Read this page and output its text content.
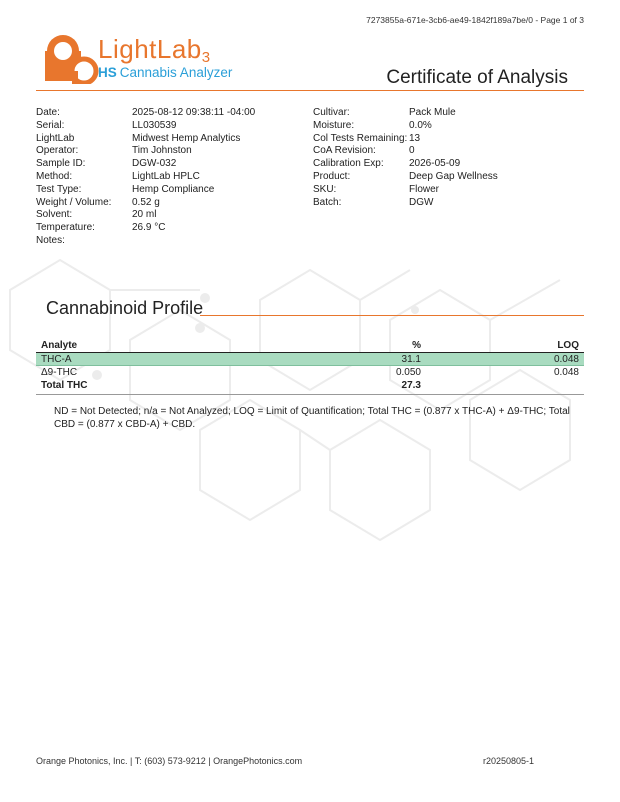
7273855a-671e-3cb6-ae49-1842f189a7be/0 - Page 1 of 3
LightLab$_3$
HS Cannabis Analyzer	Certificate of Analysis
Date:	2025-08-12 09:38:11 -04:00
Serial:	LL030539
LightLab	Midwest Hemp Analytics
Operator:	Tim Johnston
Sample ID:	DGW-032
Method:	LightLab HPLC
Test Type:	Hemp Compliance
Weight / Volume:	0.52 g
Solvent:	20 ml
Temperature:	26.9 °C
Notes:
Cultivar:	Pack Mule
Moisture:	0.0%
Col Tests Remaining: 13
CoA Revision:	0
Calibration Exp:	2026-05-09
Product:	Deep Gap Wellness
SKU:	Flower
Batch:	DGW
Cannabinoid Profile
Analyte	%	LOQ
THC-A	31.1	0.048
Δ9-THC	0.050	0.048
Total THC	27.3
ND = Not Detected; n/a = Not Analyzed; LOQ = Limit of Quantification; Total THC = (0.877 x THC-A) + Δ9-THC; Total CBD = (0.877 x CBD-A) + CBD.
Orange Photonics, Inc. | T: (603) 573-9212 | OrangePhotonics.com	r20250805-1
